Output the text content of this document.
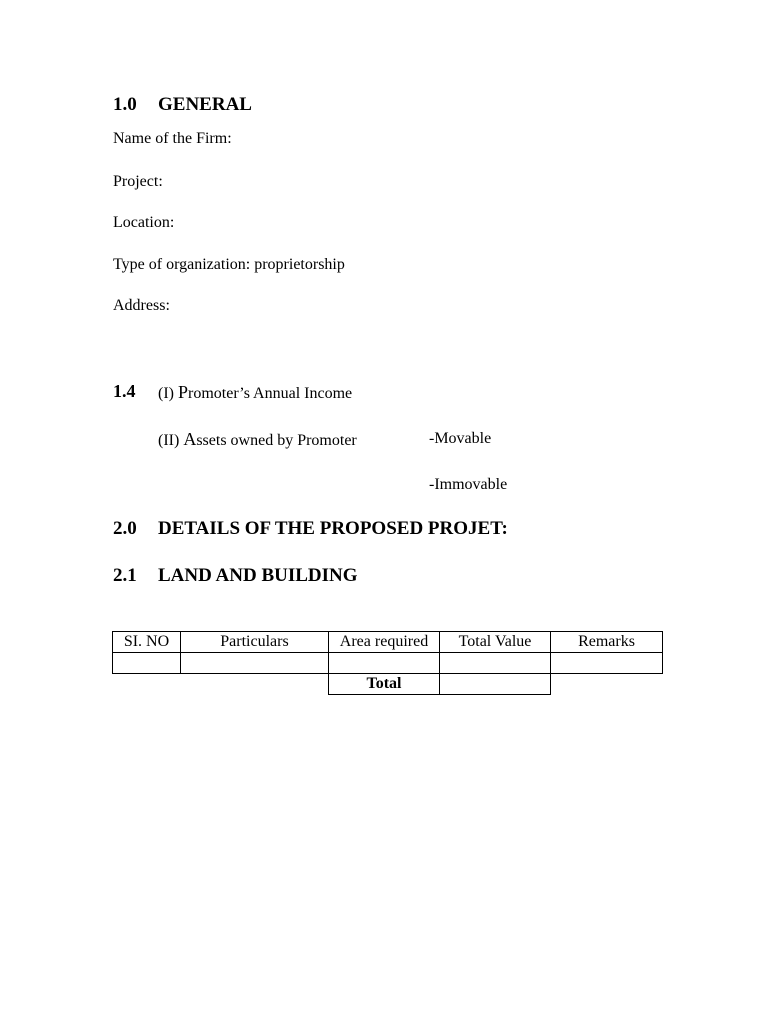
1.0 GENERAL
Name of the Firm:
Project:
Location:
Type of organization: proprietorship
Address:
1.4 (I) Promoter’s Annual Income
(II) Assets owned by Promoter	-Movable
-Immovable
2.0 DETAILS OF THE PROPOSED PROJET:
2.1 LAND AND BUILDING
SI. NO	Particulars	Area required	Total Value	Remarks

		Total		
